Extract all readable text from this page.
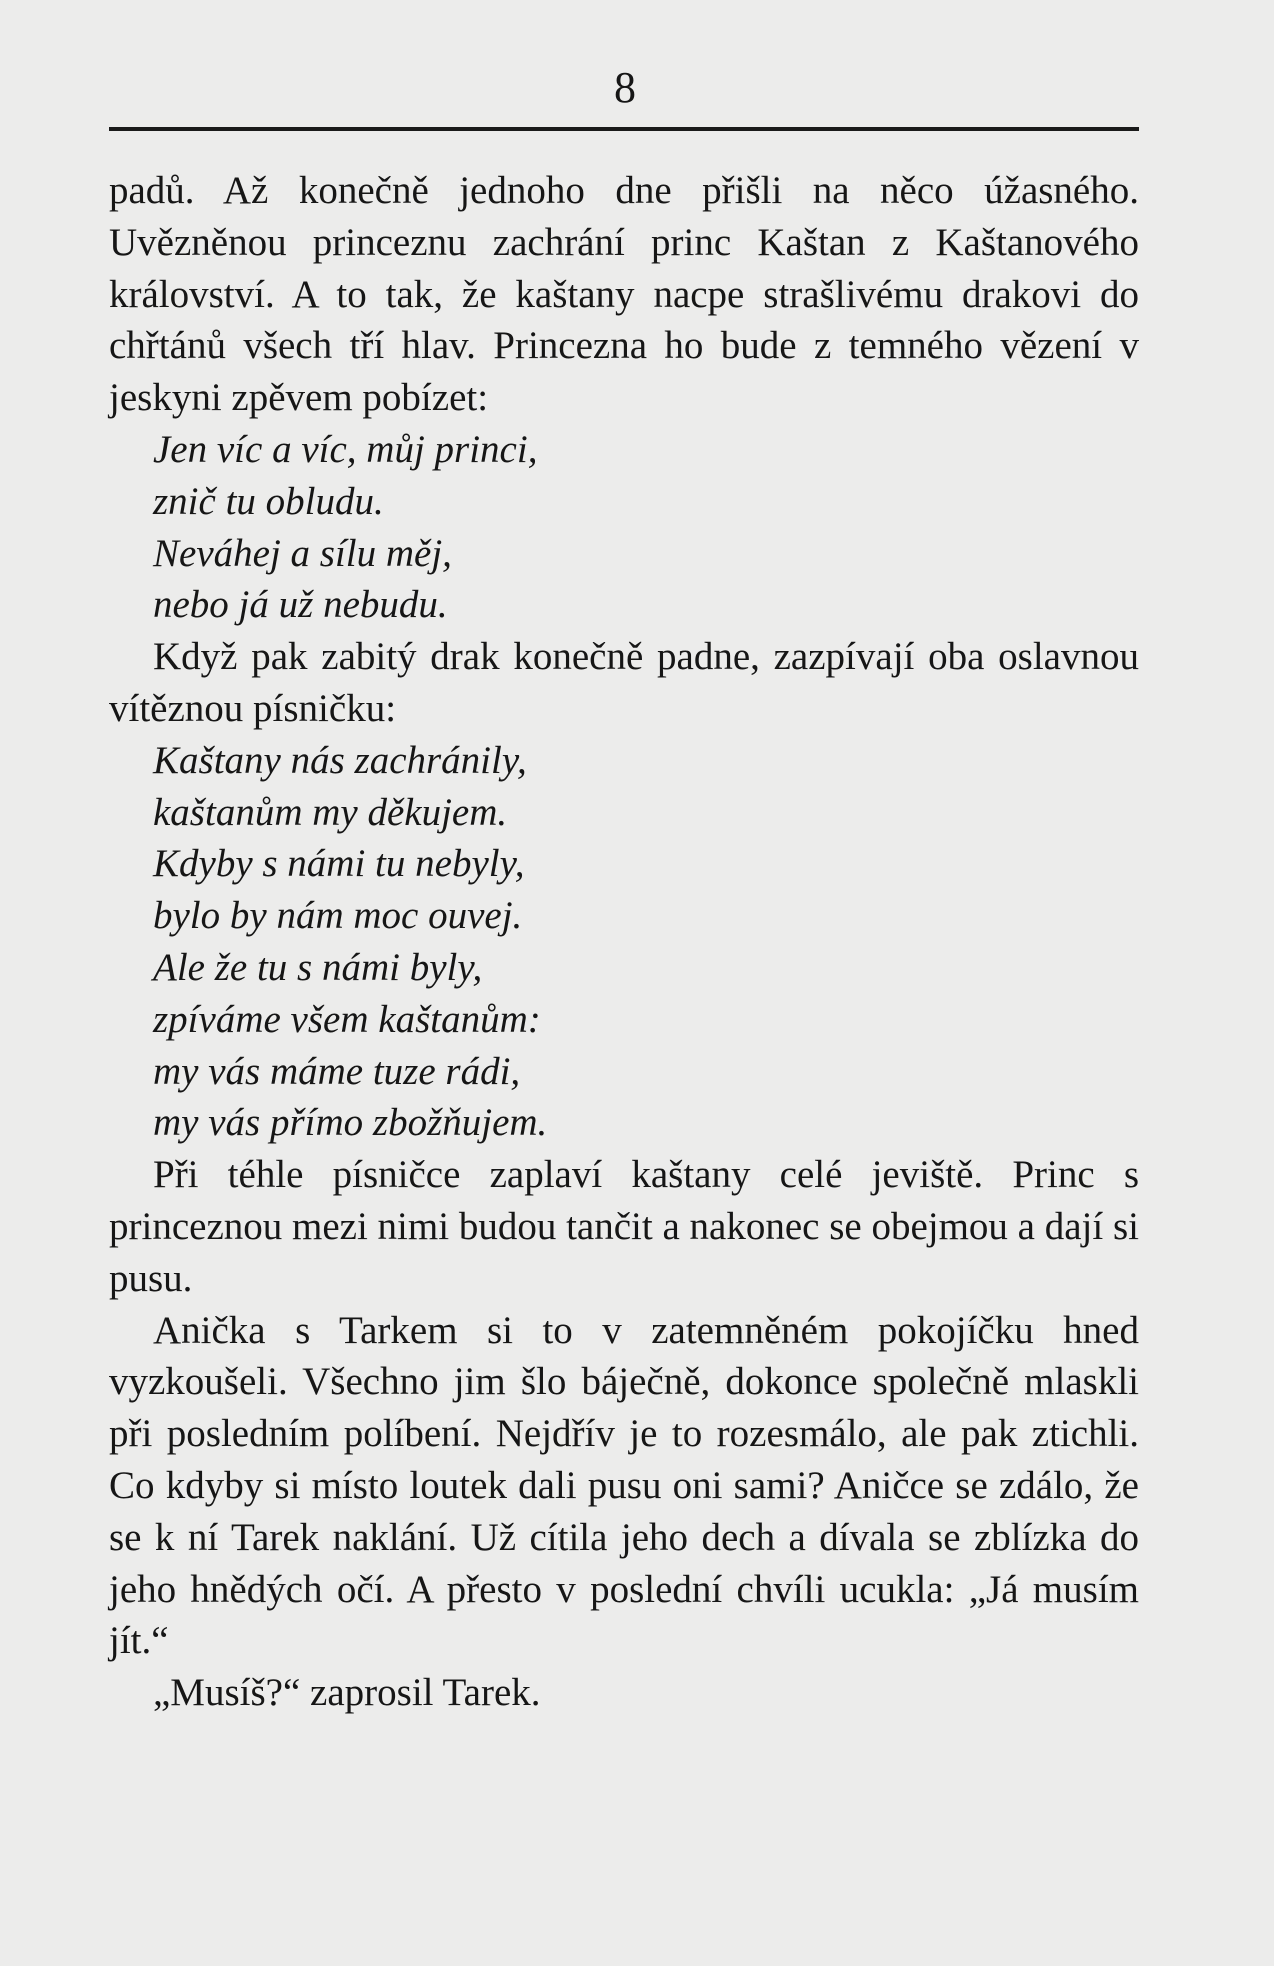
8

padů. Až konečně jednoho dne přišli na něco úžasného. Uvězněnou princeznu zachrání princ Kaštan z Kaštanového království. A to tak, že kaštany nacpe strašlivému drakovi do chřtánů všech tří hlav. Princezna ho bude z temného vězení v jeskyni zpěvem pobízet:

Jen víc a víc, můj princi,
znič tu obludu.
Neváhej a sílu měj,
nebo já už nebudu.

Když pak zabitý drak konečně padne, zazpívají oba oslavnou vítěznou písničku:

Kaštany nás zachránily,
kaštanům my děkujem.
Kdyby s námi tu nebyly,
bylo by nám moc ouvej.
Ale že tu s námi byly,
zpíváme všem kaštanům:
my vás máme tuze rádi,
my vás přímo zbožňujem.

Při téhle písničce zaplaví kaštany celé jeviště. Princ s princeznou mezi nimi budou tančit a nakonec se obejmou a dají si pusu.

Anička s Tarkem si to v zatemněném pokojíčku hned vyzkoušeli. Všechno jim šlo báječně, dokonce společně mlaskli při posledním políbení. Nejdřív je to rozesmálo, ale pak ztichli. Co kdyby si místo loutek dali pusu oni sami? Aničce se zdálo, že se k ní Tarek naklání. Už cítila jeho dech a dívala se zblízka do jeho hnědých očí. A přesto v poslední chvíli ucukla: „Já musím jít.“

„Musíš?“ zaprosil Tarek.
